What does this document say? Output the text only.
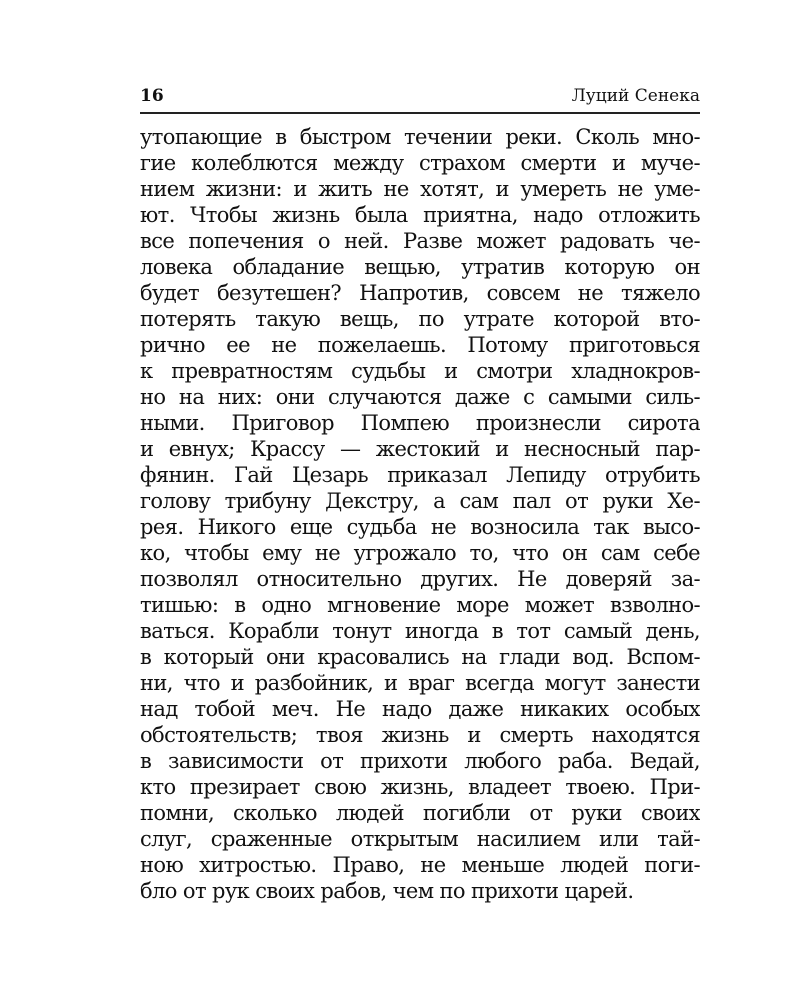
16	Луций Сенека
утопающие в быстром течении реки. Сколь мно-
гие колеблются между страхом смерти и муче-
нием жизни: и жить не хотят, и умереть не уме-
ют. Чтобы жизнь была приятна, надо отложить
все попечения о ней. Разве может радовать че-
ловека обладание вещью, утратив которую он
будет безутешен? Напротив, совсем не тяжело
потерять такую вещь, по утрате которой вто-
рично ее не пожелаешь. Потому приготовься
к превратностям судьбы и смотри хладнокров-
но на них: они случаются даже с самыми силь-
ными. Приговор Помпею произнесли сирота
и евнух; Крассу — жестокий и несносный пар-
фянин. Гай Цезарь приказал Лепиду отрубить
голову трибуну Декстру, а сам пал от руки Хе-
рея. Никого еще судьба не возносила так высо-
ко, чтобы ему не угрожало то, что он сам себе
позволял относительно других. Не доверяй за-
тишью: в одно мгновение море может взволно-
ваться. Корабли тонут иногда в тот самый день,
в который они красовались на глади вод. Вспом-
ни, что и разбойник, и враг всегда могут занести
над тобой меч. Не надо даже никаких особых
обстоятельств; твоя жизнь и смерть находятся
в зависимости от прихоти любого раба. Ведай,
кто презирает свою жизнь, владеет твоею. При-
помни, сколько людей погибли от руки своих
слуг, сраженные открытым насилием или тай-
ною хитростью. Право, не меньше людей поги-
бло от рук своих рабов, чем по прихоти царей.
